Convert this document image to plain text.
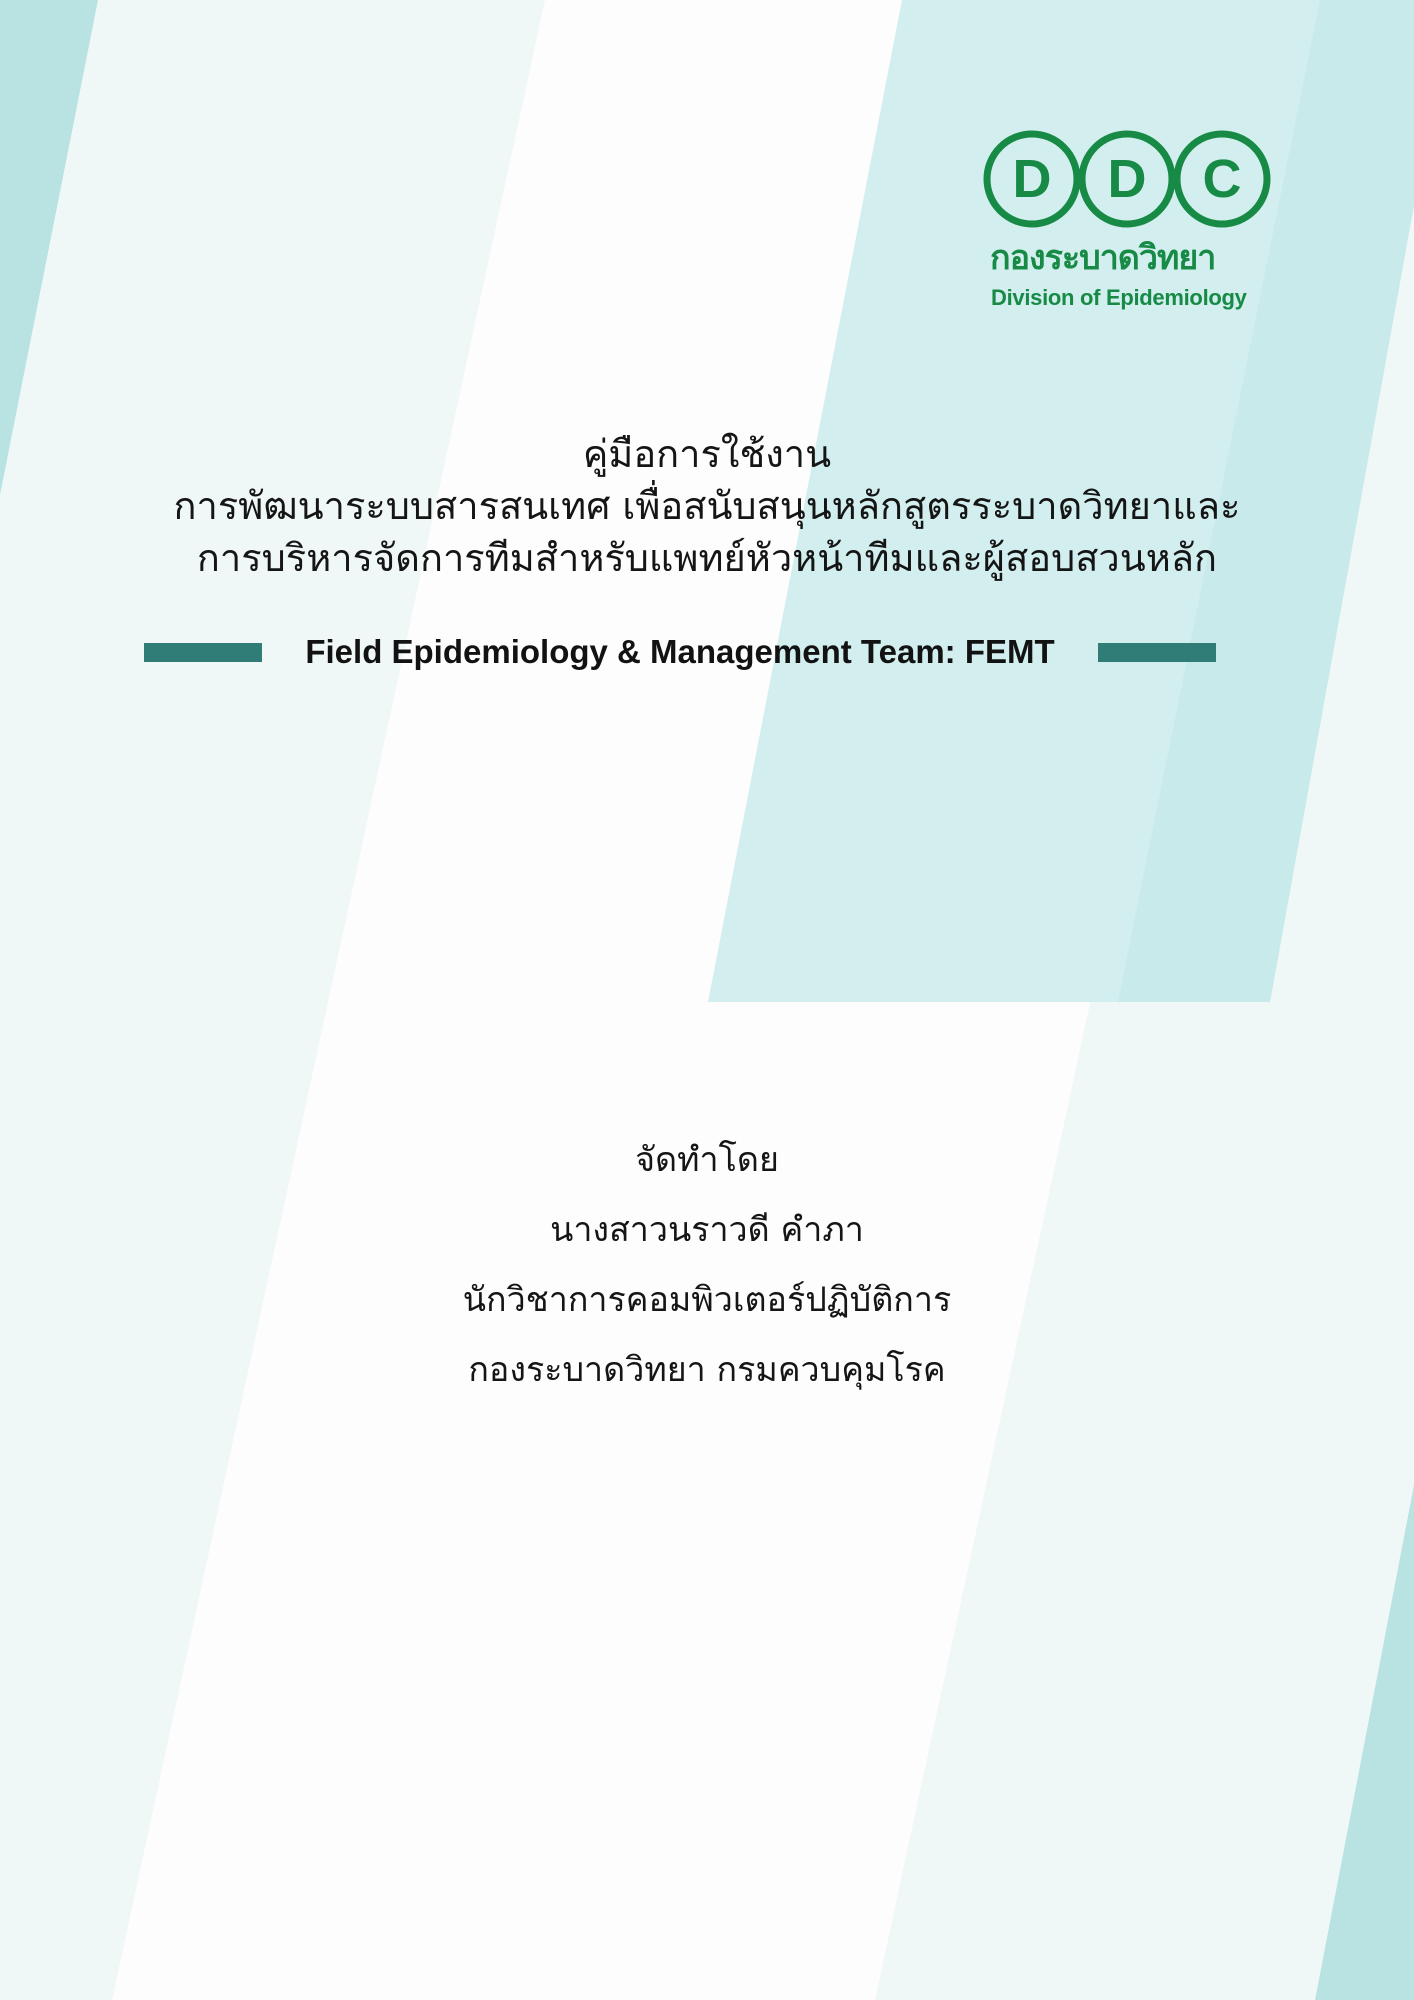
D D C
กองระบาดวิทยา
Division of Epidemiology
คู่มือการใช้งาน
การพัฒนาระบบสารสนเทศ เพื่อสนับสนุนหลักสูตรระบาดวิทยาและ
การบริหารจัดการทีมสำหรับแพทย์หัวหน้าทีมและผู้สอบสวนหลัก
Field Epidemiology & Management Team: FEMT
จัดทำโดย
นางสาวนราวดี คำภา
นักวิชาการคอมพิวเตอร์ปฏิบัติการ
กองระบาดวิทยา กรมควบคุมโรค
